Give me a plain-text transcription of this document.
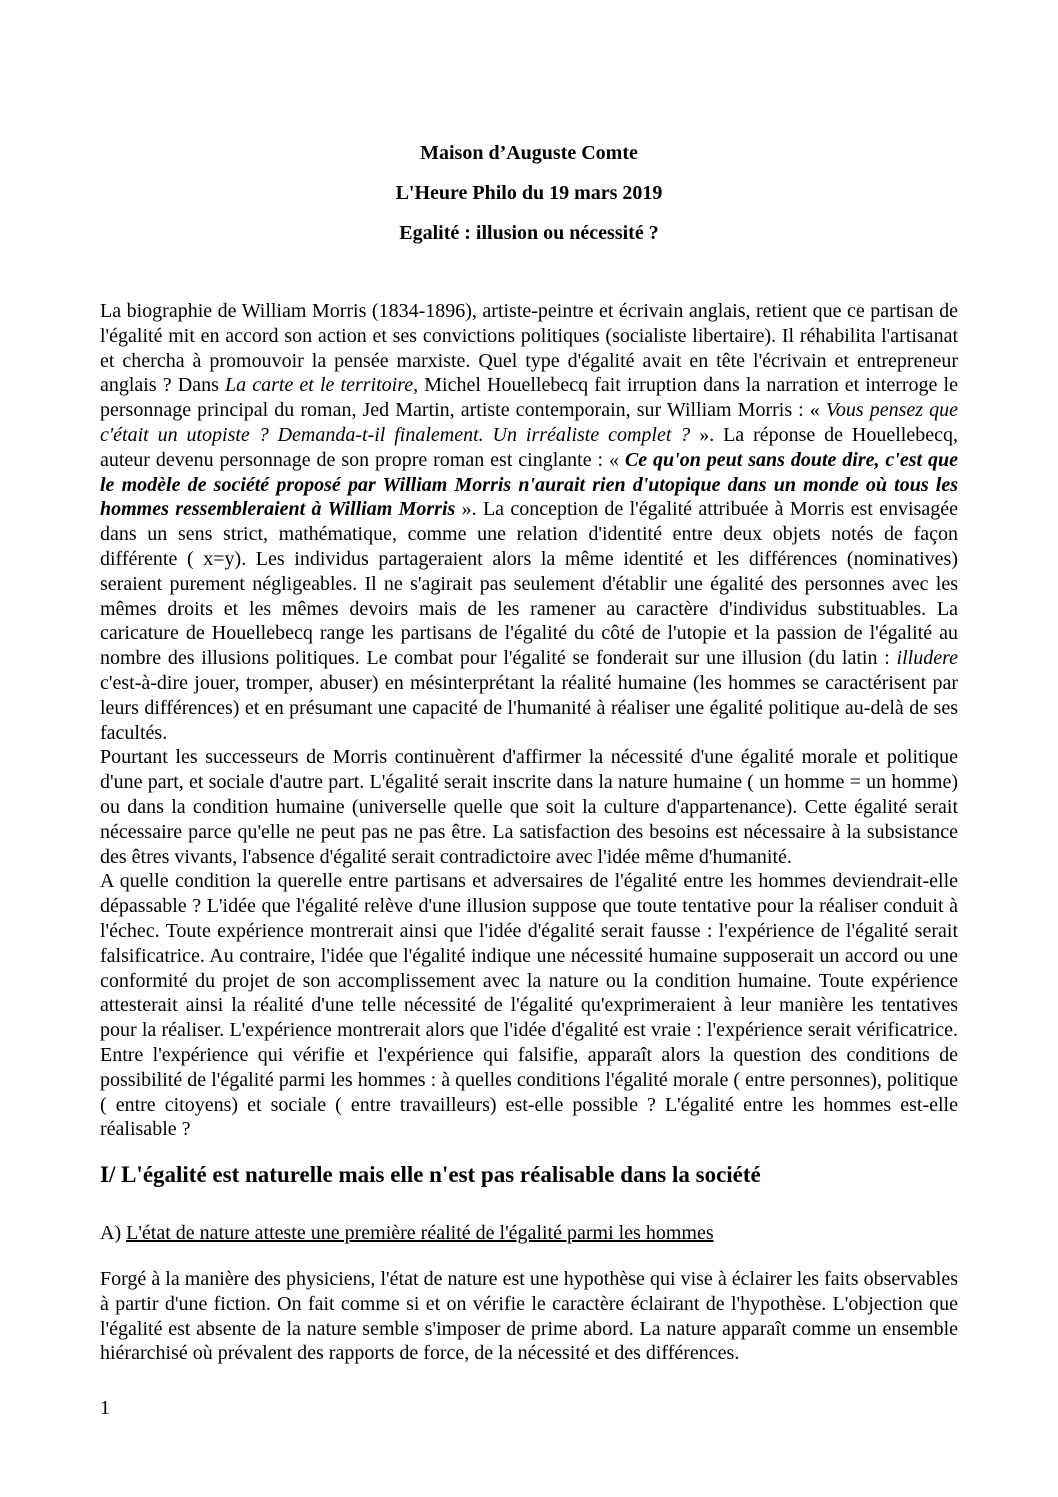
Maison d’Auguste Comte

L'Heure Philo du 19 mars 2019

Egalité : illusion ou nécessité ?

La biographie de William Morris (1834-1896), artiste-peintre et écrivain anglais, retient que ce partisan de l'égalité mit en accord son action et ses convictions politiques (socialiste libertaire). Il réhabilita l'artisanat et chercha à promouvoir la pensée marxiste. Quel type d'égalité avait en tête l'écrivain et entrepreneur anglais ? Dans La carte et le territoire, Michel Houellebecq fait irruption dans la narration et interroge le personnage principal du roman, Jed Martin, artiste contemporain, sur William Morris : « Vous pensez que c'était un utopiste ? Demanda-t-il finalement. Un irréaliste complet ? ». La réponse de Houellebecq, auteur devenu personnage de son propre roman est cinglante : « Ce qu'on peut sans doute dire, c'est que le modèle de société proposé par William Morris n'aurait rien d'utopique dans un monde où tous les hommes ressembleraient à William Morris ». La conception de l'égalité attribuée à Morris est envisagée dans un sens strict, mathématique, comme une relation d'identité entre deux objets notés de façon différente ( x=y). Les individus partageraient alors la même identité et les différences (nominatives) seraient purement négligeables. Il ne s'agirait pas seulement d'établir une égalité des personnes avec les mêmes droits et les mêmes devoirs mais de les ramener au caractère d'individus substituables. La caricature de Houellebecq range les partisans de l'égalité du côté de l'utopie et la passion de l'égalité au nombre des illusions politiques. Le combat pour l'égalité se fonderait sur une illusion (du latin : illudere c'est-à-dire jouer, tromper, abuser) en mésinterprétant la réalité humaine (les hommes se caractérisent par leurs différences) et en présumant une capacité de l'humanité à réaliser une égalité politique au-delà de ses facultés.

Pourtant les successeurs de Morris continuèrent d'affirmer la nécessité d'une égalité morale et politique d'une part, et sociale d'autre part. L'égalité serait inscrite dans la nature humaine ( un homme = un homme) ou dans la condition humaine (universelle quelle que soit la culture d'appartenance). Cette égalité serait nécessaire parce qu'elle ne peut pas ne pas être. La satisfaction des besoins est nécessaire à la subsistance des êtres vivants, l'absence d'égalité serait contradictoire avec l'idée même d'humanité.

A quelle condition la querelle entre partisans et adversaires de l'égalité entre les hommes deviendrait-elle dépassable ? L'idée que l'égalité relève d'une illusion suppose que toute tentative pour la réaliser conduit à l'échec. Toute expérience montrerait ainsi que l'idée d'égalité serait fausse : l'expérience de l'égalité serait falsificatrice. Au contraire, l'idée que l'égalité indique une nécessité humaine supposerait un accord ou une conformité du projet de son accomplissement avec la nature ou la condition humaine. Toute expérience attesterait ainsi la réalité d'une telle nécessité de l'égalité qu'exprimeraient à leur manière les tentatives pour la réaliser. L'expérience montrerait alors que l'idée d'égalité est vraie : l'expérience serait vérificatrice. Entre l'expérience qui vérifie et l'expérience qui falsifie, apparaît alors la question des conditions de possibilité de l'égalité parmi les hommes : à quelles conditions l'égalité morale ( entre personnes), politique ( entre citoyens) et sociale ( entre travailleurs) est-elle possible ? L'égalité entre les hommes est-elle réalisable ?

I/ L'égalité est naturelle mais elle n'est pas réalisable dans la société

A) L'état de nature atteste une première réalité de l'égalité parmi les hommes

Forgé à la manière des physiciens, l'état de nature est une hypothèse qui vise à éclairer les faits observables à partir d'une fiction. On fait comme si et on vérifie le caractère éclairant de l'hypothèse. L'objection que l'égalité est absente de la nature semble s'imposer de prime abord. La nature apparaît comme un ensemble hiérarchisé où prévalent des rapports de force, de la nécessité et des différences.

1
